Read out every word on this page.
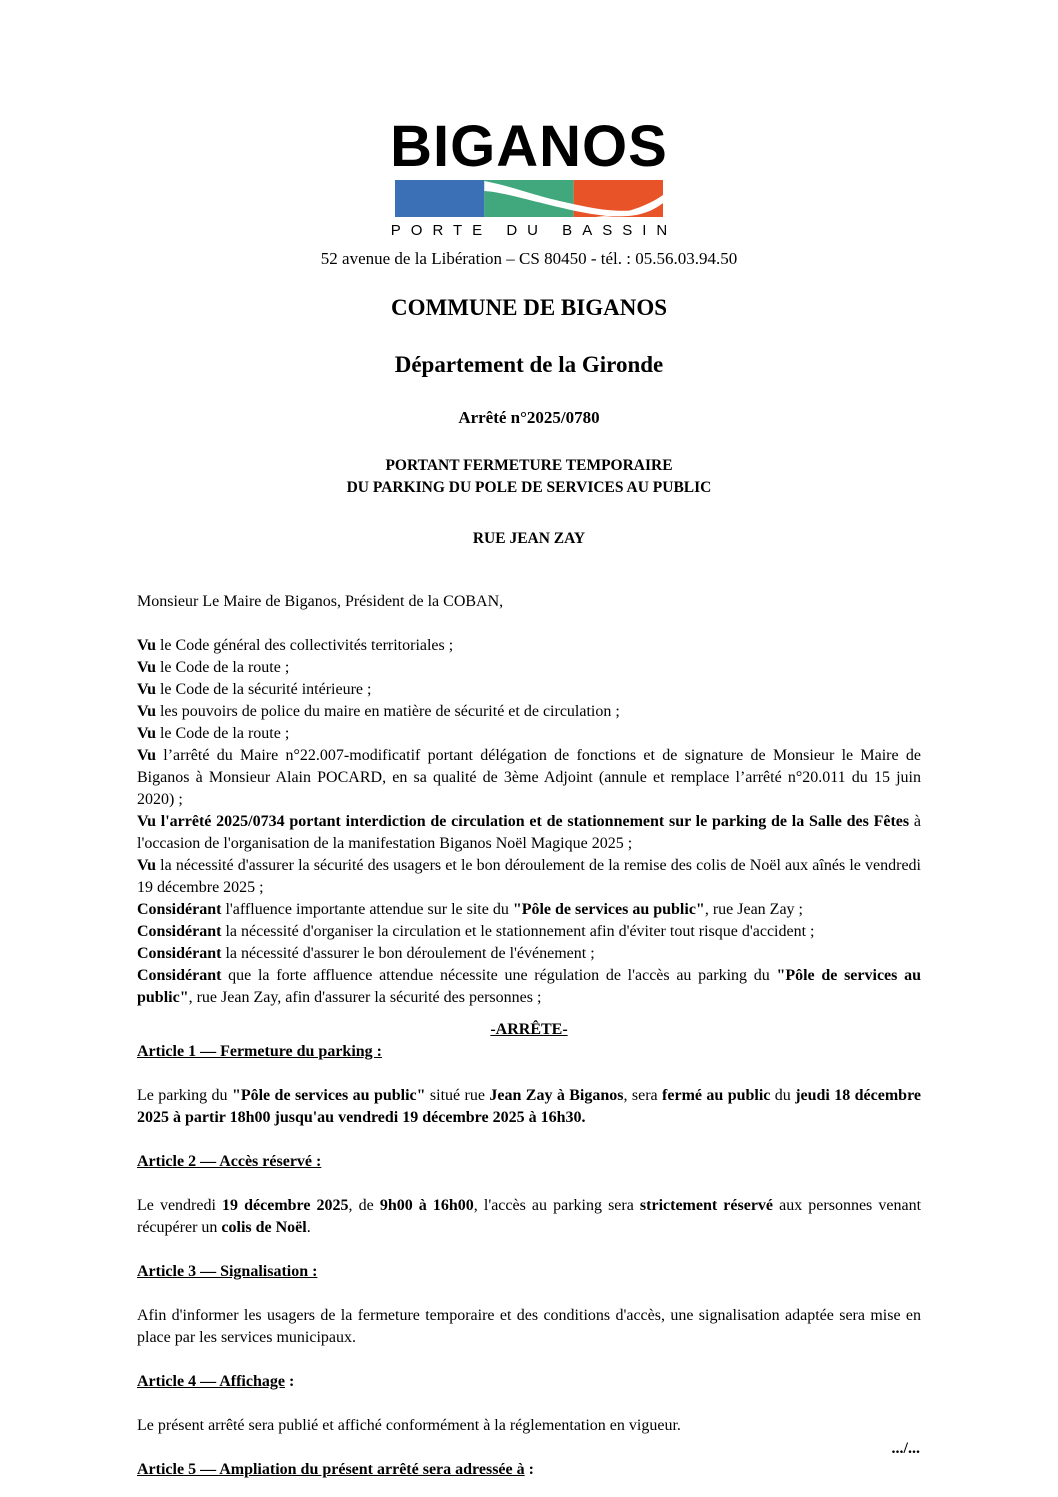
BIGANOS
PORTE DU BASSIN
52 avenue de la Libération – CS 80450 - tél. : 05.56.03.94.50
COMMUNE DE BIGANOS
Département de la Gironde
Arrêté n°2025/0780
PORTANT FERMETURE TEMPORAIRE
DU PARKING DU POLE DE SERVICES AU PUBLIC
RUE JEAN ZAY

Monsieur Le Maire de Biganos, Président de la COBAN,

Vu le Code général des collectivités territoriales ;

Vu le Code de la route ;

Vu le Code de la sécurité intérieure ;

Vu les pouvoirs de police du maire en matière de sécurité et de circulation ;

Vu le Code de la route ;

Vu l’arrêté du Maire n°22.007-modificatif portant délégation de fonctions et de signature de Monsieur le Maire de Biganos à Monsieur Alain POCARD, en sa qualité de 3ème Adjoint (annule et remplace l’arrêté n°20.011 du 15 juin 2020) ;

Vu l'arrêté 2025/0734 portant interdiction de circulation et de stationnement sur le parking de la Salle des Fêtes à l'occasion de l'organisation de la manifestation Biganos Noël Magique 2025 ;

Vu la nécessité d'assurer la sécurité des usagers et le bon déroulement de la remise des colis de Noël aux aînés le vendredi 19 décembre 2025 ;

Considérant l'affluence importante attendue sur le site du "Pôle de services au public", rue Jean Zay ;

Considérant la nécessité d'organiser la circulation et le stationnement afin d'éviter tout risque d'accident ;

Considérant la nécessité d'assurer le bon déroulement de l'événement ;

Considérant que la forte affluence attendue nécessite une régulation de l'accès au parking du "Pôle de services au public", rue Jean Zay, afin d'assurer la sécurité des personnes ;

-ARRÊTE-

Article 1 — Fermeture du parking :

Le parking du "Pôle de services au public" situé rue Jean Zay à Biganos, sera fermé au public du jeudi 18 décembre 2025 à partir 18h00 jusqu'au vendredi 19 décembre 2025 à 16h30.

Article 2 — Accès réservé :

Le vendredi 19 décembre 2025, de 9h00 à 16h00, l'accès au parking sera strictement réservé aux personnes venant récupérer un colis de Noël.

Article 3 — Signalisation :

Afin d'informer les usagers de la fermeture temporaire et des conditions d'accès, une signalisation adaptée sera mise en place par les services municipaux.

Article 4 — Affichage :

Le présent arrêté sera publié et affiché conformément à la réglementation en vigueur.

Article 5 — Ampliation du présent arrêté sera adressée à :

.../...
